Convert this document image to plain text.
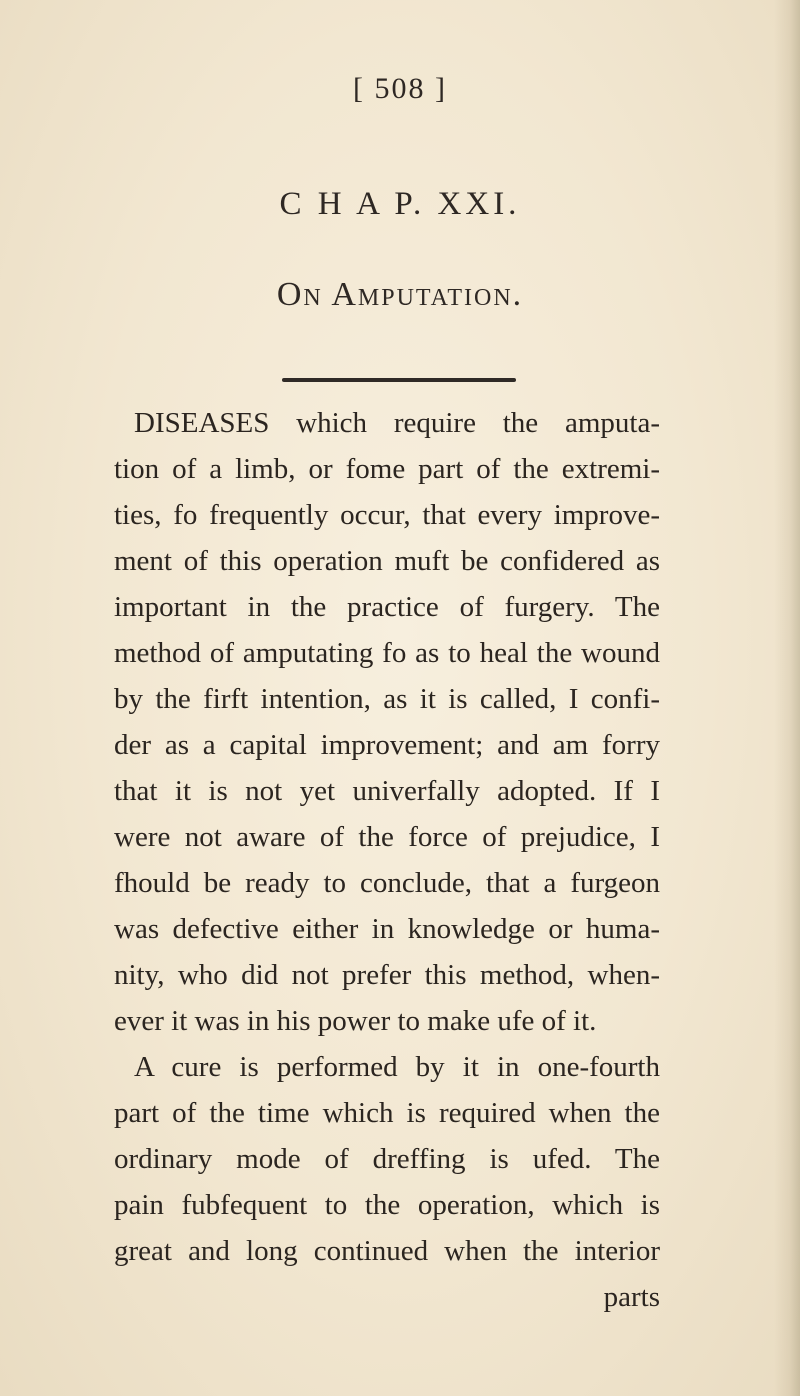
[ 508 ]
C H A P. XXI.
On Amputation.
DISEASES which require the amputa-
tion of a limb, or fome part of the extremi-
ties, fo frequently occur, that every improve-
ment of this operation muft be confidered as
important in the practice of furgery. The
method of amputating fo as to heal the wound
by the firft intention, as it is called, I confi-
der as a capital improvement; and am forry
that it is not yet univerfally adopted. If I
were not aware of the force of prejudice, I
fhould be ready to conclude, that a furgeon
was defective either in knowledge or huma-
nity, who did not prefer this method, when-
ever it was in his power to make ufe of it.
A cure is performed by it in one-fourth
part of the time which is required when the
ordinary mode of dreffing is ufed. The
pain fubfequent to the operation, which is
great and long continued when the interior
parts
